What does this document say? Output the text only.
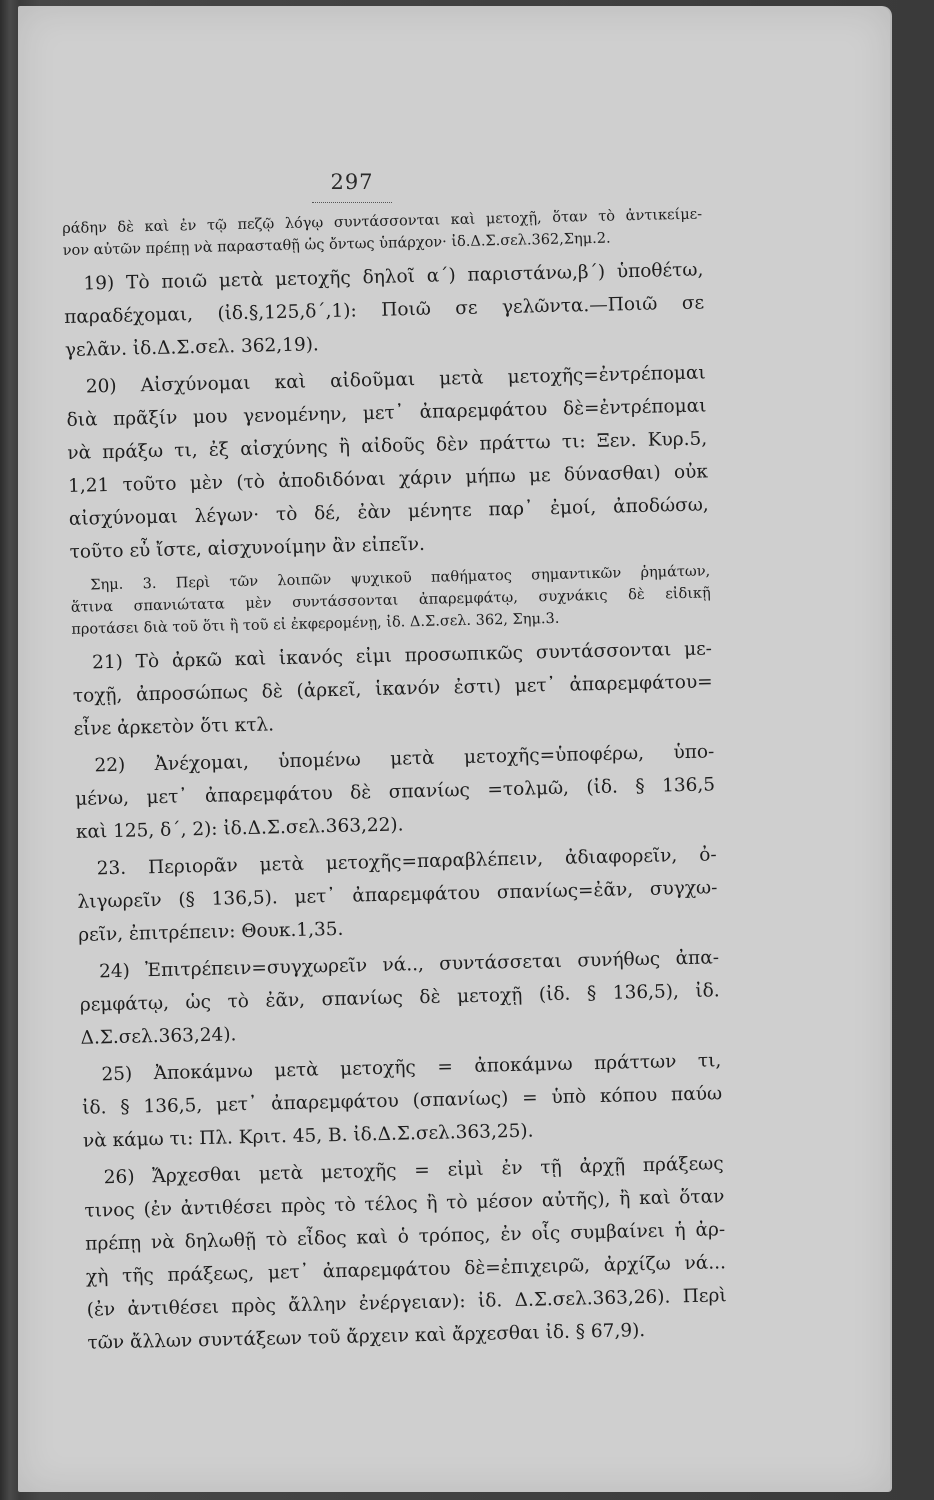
297
ράδην δὲ καὶ ἐν τῷ πεζῷ λόγῳ συντάσσονται καὶ μετοχῇ, ὅταν τὸ ἀντικείμε-
νον αὐτῶν πρέπῃ νὰ παρασταθῇ ὡς ὄντως ὑπάρχον· ἰδ.Δ.Σ.σελ.362,Σημ.2.
19) Τὸ ποιῶ μετὰ μετοχῆς δηλοῖ α΄) παριστάνω,β΄) ὑποθέτω,
παραδέχομαι, (ἰδ.§,125,δ΄,1): Ποιῶ σε γελῶντα.—Ποιῶ σε
γελᾶν. ἰδ.Δ.Σ.σελ. 362,19).
20) Αἰσχύνομαι καὶ αἰδοῦμαι μετὰ μετοχῆς=ἐντρέπομαι
διὰ πρᾶξίν μου γενομένην, μετ᾽ ἀπαρεμφάτου δὲ=ἐντρέπομαι
νὰ πράξω τι, ἐξ αἰσχύνης ἢ αἰδοῦς δὲν πράττω τι: Ξεν. Κυρ.5,
1,21 τοῦτο μὲν (τὸ ἀποδιδόναι χάριν μήπω με δύνασθαι) οὐκ
αἰσχύνομαι λέγων· τὸ δέ, ἐὰν μένητε παρ᾽ ἐμοί, ἀποδώσω,
τοῦτο εὖ ἴστε, αἰσχυνοίμην ἂν εἰπεῖν.
Σημ. 3. Περὶ τῶν λοιπῶν ψυχικοῦ παθήματος σημαντικῶν ῥημάτων,
ἅτινα σπανιώτατα μὲν συντάσσονται ἀπαρεμφάτῳ, συχνάκις δὲ εἰδικῇ
προτάσει διὰ τοῦ ὅτι ἢ τοῦ εἰ ἐκφερομένῃ, ἰδ. Δ.Σ.σελ. 362, Σημ.3.
21) Τὸ ἀρκῶ καὶ ἱκανός εἰμι προσωπικῶς συντάσσονται με-
τοχῇ, ἀπροσώπως δὲ (ἀρκεῖ, ἱκανόν ἐστι) μετ᾽ ἀπαρεμφάτου=
εἶνε ἀρκετὸν ὅτι κτλ.
22) Ἀνέχομαι, ὑπομένω μετὰ μετοχῆς=ὑποφέρω, ὑπο-
μένω, μετ᾽ ἀπαρεμφάτου δὲ σπανίως =τολμῶ, (ἰδ. § 136,5
καὶ 125, δ΄, 2): ἰδ.Δ.Σ.σελ.363,22).
23. Περιορᾶν μετὰ μετοχῆς=παραβλέπειν, ἀδιαφορεῖν, ὀ-
λιγωρεῖν (§ 136,5). μετ᾽ ἀπαρεμφάτου σπανίως=ἐᾶν, συγχω-
ρεῖν, ἐπιτρέπειν: Θουκ.1,35.
24) Ἐπιτρέπειν=συγχωρεῖν νά.., συντάσσεται συνήθως ἀπα-
ρεμφάτῳ, ὡς τὸ ἐᾶν, σπανίως δὲ μετοχῇ (ἰδ. § 136,5), ἰδ.
Δ.Σ.σελ.363,24).
25) Ἀποκάμνω μετὰ μετοχῆς = ἀποκάμνω πράττων τι,
ἰδ. § 136,5, μετ᾽ ἀπαρεμφάτου (σπανίως) = ὑπὸ κόπου παύω
νὰ κάμω τι: Πλ. Κριτ. 45, Β. ἰδ.Δ.Σ.σελ.363,25).
26) Ἄρχεσθαι μετὰ μετοχῆς = εἰμὶ ἐν τῇ ἀρχῇ πράξεως
τινος (ἐν ἀντιθέσει πρὸς τὸ τέλος ἢ τὸ μέσον αὐτῆς), ἢ καὶ ὅταν
πρέπῃ νὰ δηλωθῇ τὸ εἶδος καὶ ὁ τρόπος, ἐν οἷς συμβαίνει ἡ ἀρ-
χὴ τῆς πράξεως, μετ᾽ ἀπαρεμφάτου δὲ=ἐπιχειρῶ, ἀρχίζω νά...
(ἐν ἀντιθέσει πρὸς ἄλλην ἐνέργειαν): ἰδ. Δ.Σ.σελ.363,26). Περὶ
τῶν ἄλλων συντάξεων τοῦ ἄρχειν καὶ ἄρχεσθαι ἰδ. § 67,9).
